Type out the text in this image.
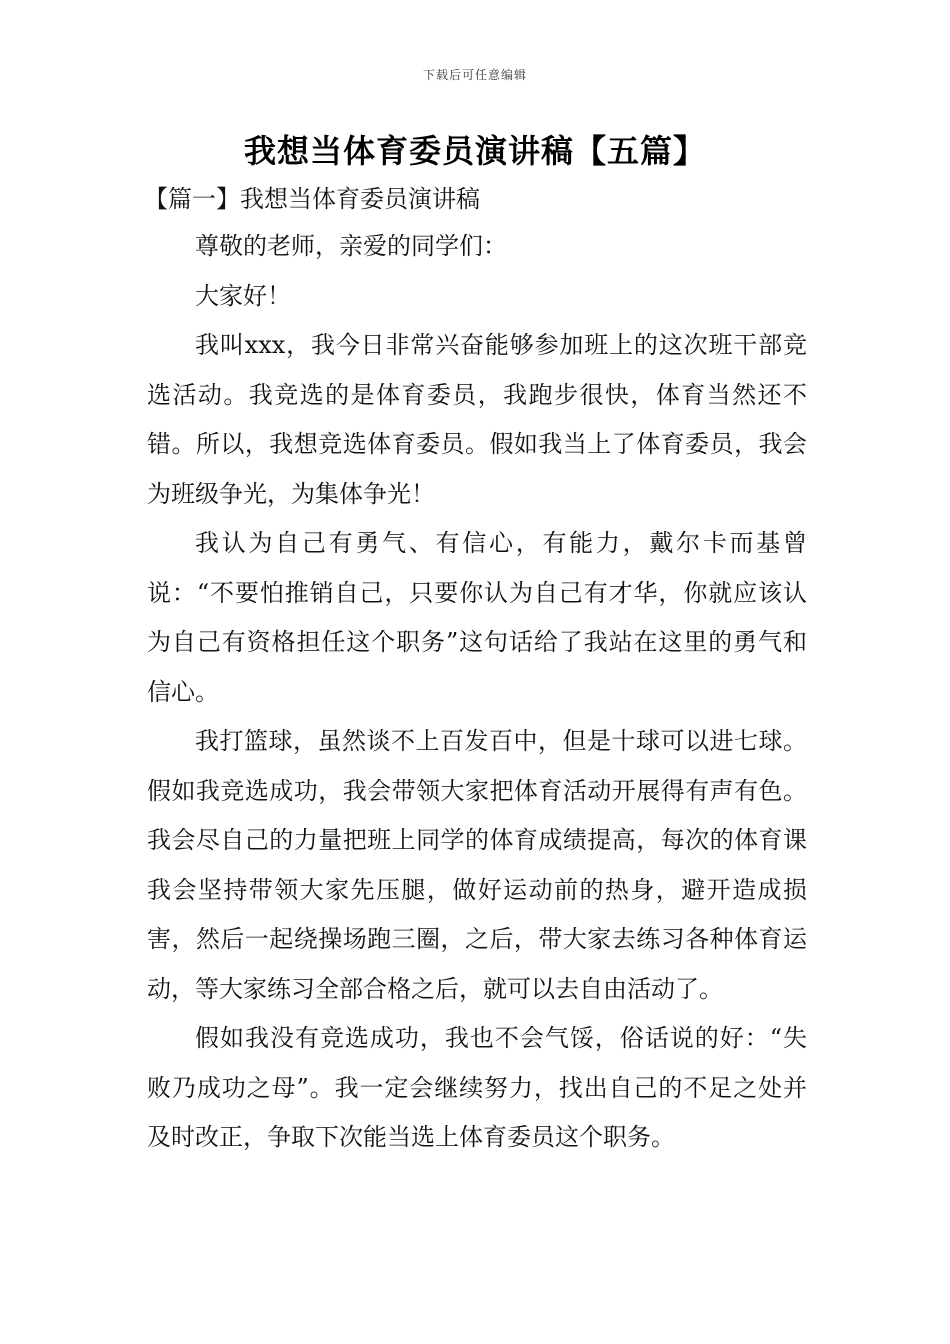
下载后可任意编辑
我想当体育委员演讲稿【五篇】
【篇一】我想当体育委员演讲稿

尊敬的老师，亲爱的同学们：

大家好！

我叫xxx，我今日非常兴奋能够参加班上的这次班干部竞选活动。我竞选的是体育委员，我跑步很快，体育当然还不错。所以，我想竞选体育委员。假如我当上了体育委员，我会为班级争光，为集体争光！

我认为自己有勇气、有信心，有能力，戴尔卡而基曾说：“不要怕推销自己，只要你认为自己有才华，你就应该认为自己有资格担任这个职务”这句话给了我站在这里的勇气和信心。

我打篮球，虽然谈不上百发百中，但是十球可以进七球。假如我竞选成功，我会带领大家把体育活动开展得有声有色。我会尽自己的力量把班上同学的体育成绩提高，每次的体育课我会坚持带领大家先压腿，做好运动前的热身，避开造成损害，然后一起绕操场跑三圈，之后，带大家去练习各种体育运动，等大家练习全部合格之后，就可以去自由活动了。

假如我没有竞选成功，我也不会气馁，俗话说的好：“失败乃成功之母”。我一定会继续努力，找出自己的不足之处并及时改正，争取下次能当选上体育委员这个职务。
